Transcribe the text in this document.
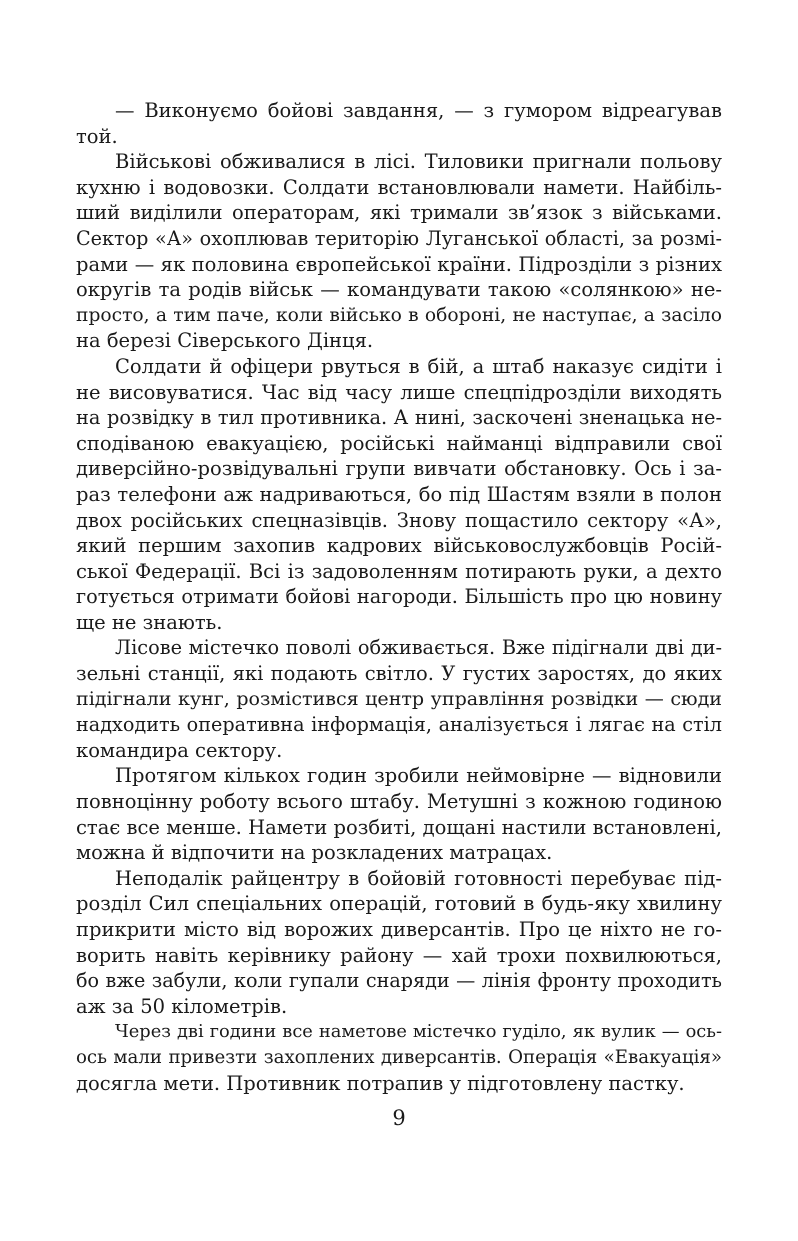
— Виконуємо бойові завдання, — з гумором відреагував
той.
Військові обживалися в лісі. Тиловики пригнали польову
кухню і водовозки. Солдати встановлювали намети. Найбіль-
ший виділили операторам, які тримали зв’язок з військами.
Сектор «А» охоплював територію Луганської області, за розмі-
рами — як половина європейської країни. Підрозділи з різних
округів та родів військ — командувати такою «солянкою» не-
просто, а тим паче, коли військо в обороні, не наступає, а засіло
на березі Сіверського Дінця.
Солдати й офіцери рвуться в бій, а штаб наказує сидіти і
не висовуватися. Час від часу лише спецпідрозділи виходять
на розвідку в тил противника. А нині, заскочені зненацька не-
сподіваною евакуацією, російські найманці відправили свої
диверсійно-розвідувальні групи вивчати обстановку. Ось і за-
раз телефони аж надриваються, бо під Шастям взяли в полон
двох російських спецназівців. Знову пощастило сектору «А»,
який першим захопив кадрових військовослужбовців Росій-
ської Федерації. Всі із задоволенням потирають руки, а дехто
готується отримати бойові нагороди. Більшість про цю новину
ще не знають.
Лісове містечко поволі обживається. Вже підігнали дві ди-
зельні станції, які подають світло. У густих заростях, до яких
підігнали кунг, розмістився центр управління розвідки — сюди
надходить оперативна інформація, аналізується і лягає на стіл
командира сектору.
Протягом кількох годин зробили неймовірне — відновили
повноцінну роботу всього штабу. Метушні з кожною годиною
стає все менше. Намети розбиті, дощані настили встановлені,
можна й відпочити на розкладених матрацах.
Неподалік райцентру в бойовій готовності перебуває під-
розділ Сил спеціальних операцій, готовий в будь-яку хвилину
прикрити місто від ворожих диверсантів. Про це ніхто не го-
ворить навіть керівнику району — хай трохи похвилюються,
бо вже забули, коли гупали снаряди — лінія фронту проходить
аж за 50 кілометрів.
Через дві години все наметове містечко гуділо, як вулик — ось-
ось мали привезти захоплених диверсантів. Операція «Евакуація»
досягла мети. Противник потрапив у підготовлену пастку.
9
